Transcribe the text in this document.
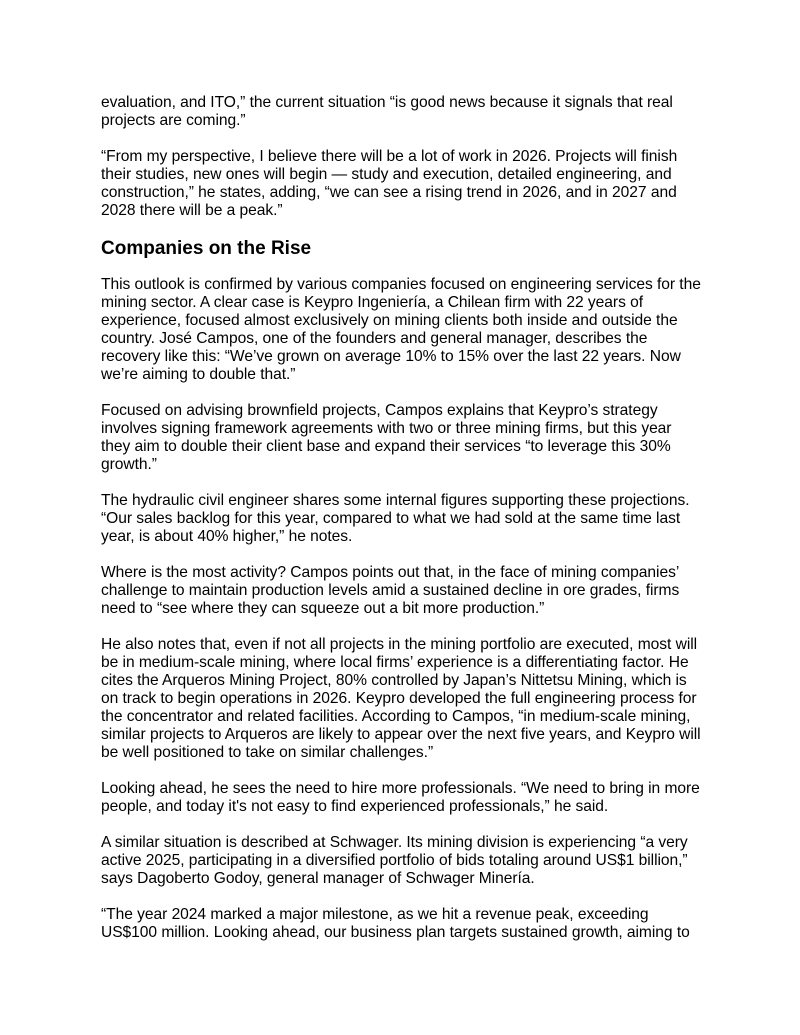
evaluation, and ITO,” the current situation “is good news because it signals that real projects are coming.”

“From my perspective, I believe there will be a lot of work in 2026. Projects will finish their studies, new ones will begin — study and execution, detailed engineering, and construction,” he states, adding, “we can see a rising trend in 2026, and in 2027 and 2028 there will be a peak.”

Companies on the Rise

This outlook is confirmed by various companies focused on engineering services for the mining sector. A clear case is Keypro Ingeniería, a Chilean firm with 22 years of experience, focused almost exclusively on mining clients both inside and outside the country. José Campos, one of the founders and general manager, describes the recovery like this: “We’ve grown on average 10% to 15% over the last 22 years. Now we’re aiming to double that.”

Focused on advising brownfield projects, Campos explains that Keypro’s strategy involves signing framework agreements with two or three mining firms, but this year they aim to double their client base and expand their services “to leverage this 30% growth.”

The hydraulic civil engineer shares some internal figures supporting these projections. “Our sales backlog for this year, compared to what we had sold at the same time last year, is about 40% higher,” he notes.

Where is the most activity? Campos points out that, in the face of mining companies’ challenge to maintain production levels amid a sustained decline in ore grades, firms need to “see where they can squeeze out a bit more production.”

He also notes that, even if not all projects in the mining portfolio are executed, most will be in medium-scale mining, where local firms’ experience is a differentiating factor. He cites the Arqueros Mining Project, 80% controlled by Japan’s Nittetsu Mining, which is on track to begin operations in 2026. Keypro developed the full engineering process for the concentrator and related facilities. According to Campos, “in medium-scale mining, similar projects to Arqueros are likely to appear over the next five years, and Keypro will be well positioned to take on similar challenges.”

Looking ahead, he sees the need to hire more professionals. “We need to bring in more people, and today it's not easy to find experienced professionals,” he said.

A similar situation is described at Schwager. Its mining division is experiencing “a very active 2025, participating in a diversified portfolio of bids totaling around US$1 billion,” says Dagoberto Godoy, general manager of Schwager Minería.

“The year 2024 marked a major milestone, as we hit a revenue peak, exceeding US$100 million. Looking ahead, our business plan targets sustained growth, aiming to
